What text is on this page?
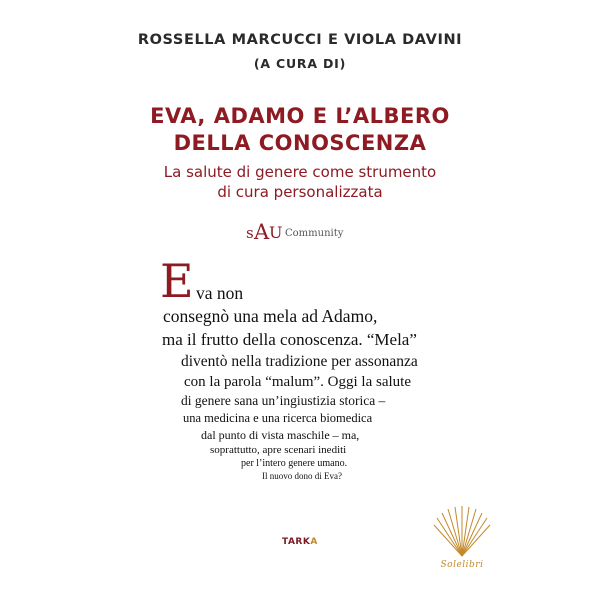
ROSSELLA MARCUCCI E VIOLA DAVINI
(A CURA DI)
EVA, ADAMO E L’ALBERO
DELLA CONOSCENZA
La salute di genere come strumento
di cura personalizzata
s A U Community
E va non
consegnò una mela ad Adamo,
ma il frutto della conoscenza. “Mela”
diventò nella tradizione per assonanza
con la parola “malum”. Oggi la salute
di genere sana un’ingiustizia storica –
una medicina e una ricerca biomedica
dal punto di vista maschile – ma,
soprattutto, apre scenari inediti
per l’intero genere umano.
Il nuovo dono di Eva?
TARKA
Solelibri
